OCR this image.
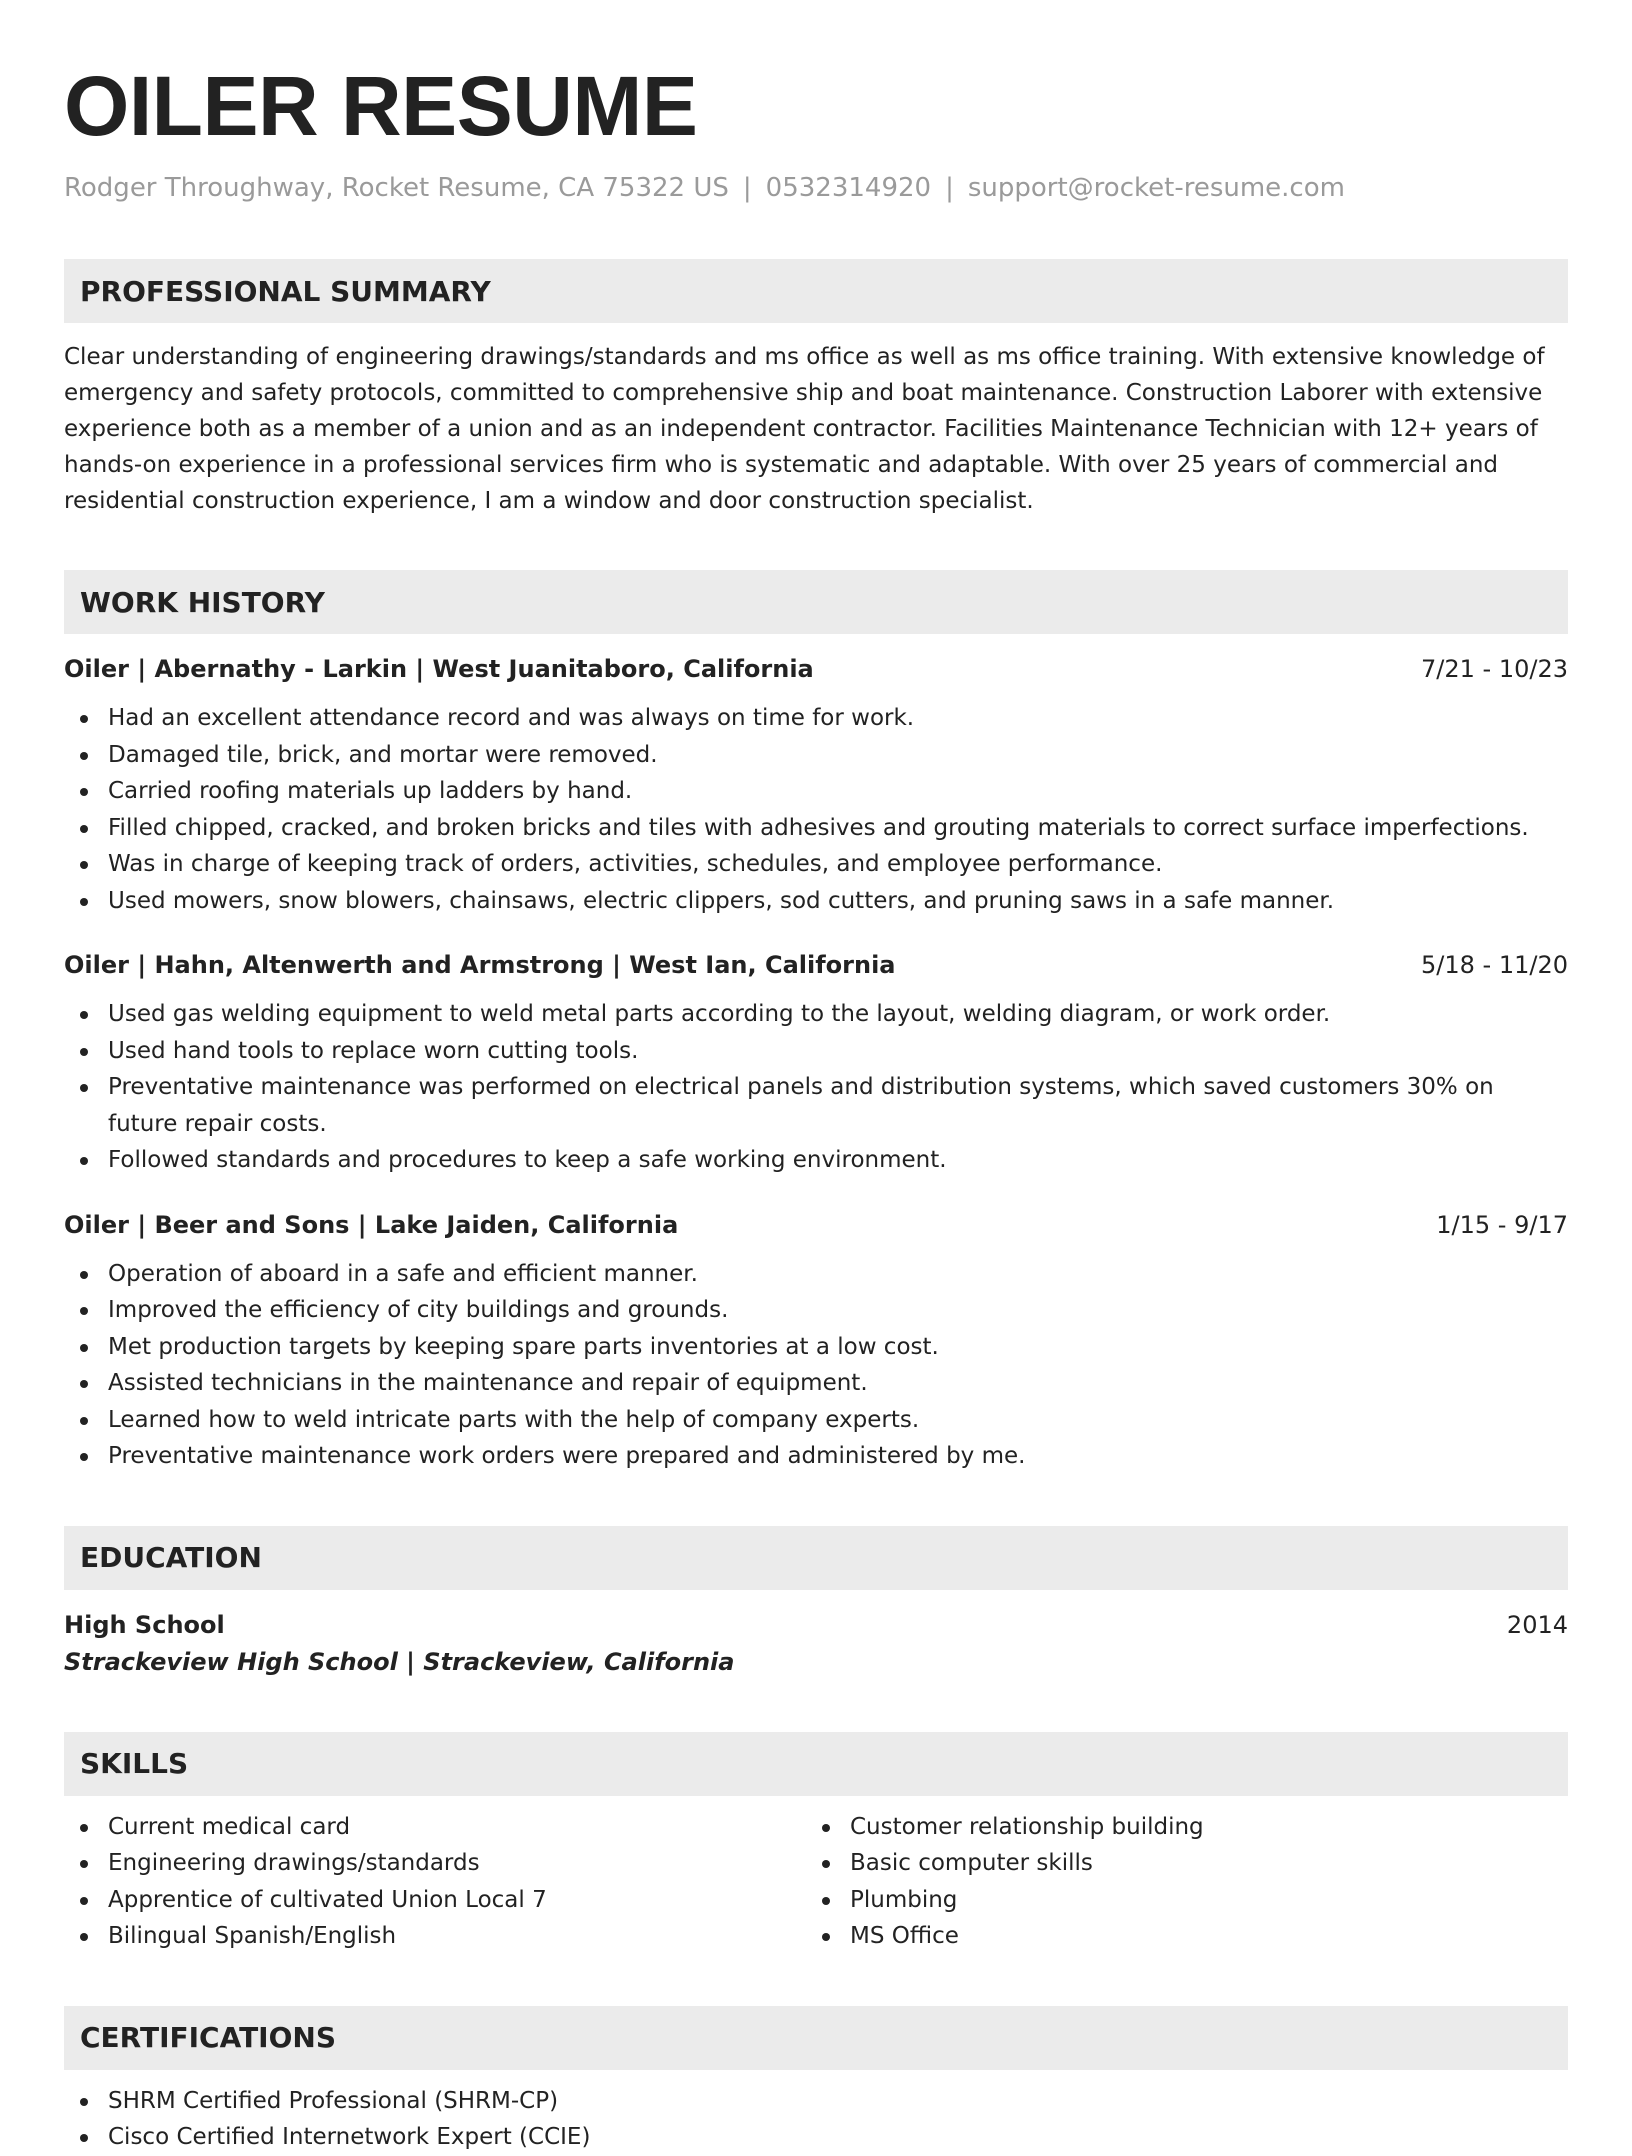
OILER RESUME
Rodger Throughway, Rocket Resume, CA 75322 US | 0532314920 | support@rocket-resume.com
PROFESSIONAL SUMMARY
Clear understanding of engineering drawings/standards and ms office as well as ms office training. With extensive knowledge of emergency and safety protocols, committed to comprehensive ship and boat maintenance. Construction Laborer with extensive experience both as a member of a union and as an independent contractor. Facilities Maintenance Technician with 12+ years of hands-on experience in a professional services firm who is systematic and adaptable. With over 25 years of commercial and residential construction experience, I am a window and door construction specialist.
WORK HISTORY
Oiler | Abernathy - Larkin | West Juanitaboro, California	7/21 - 10/23
Had an excellent attendance record and was always on time for work.
Damaged tile, brick, and mortar were removed.
Carried roofing materials up ladders by hand.
Filled chipped, cracked, and broken bricks and tiles with adhesives and grouting materials to correct surface imperfections.
Was in charge of keeping track of orders, activities, schedules, and employee performance.
Used mowers, snow blowers, chainsaws, electric clippers, sod cutters, and pruning saws in a safe manner.
Oiler | Hahn, Altenwerth and Armstrong | West Ian, California	5/18 - 11/20
Used gas welding equipment to weld metal parts according to the layout, welding diagram, or work order.
Used hand tools to replace worn cutting tools.
Preventative maintenance was performed on electrical panels and distribution systems, which saved customers 30% on future repair costs.
Followed standards and procedures to keep a safe working environment.
Oiler | Beer and Sons | Lake Jaiden, California	1/15 - 9/17
Operation of aboard in a safe and efficient manner.
Improved the efficiency of city buildings and grounds.
Met production targets by keeping spare parts inventories at a low cost.
Assisted technicians in the maintenance and repair of equipment.
Learned how to weld intricate parts with the help of company experts.
Preventative maintenance work orders were prepared and administered by me.
EDUCATION
High School	2014
Strackeview High School | Strackeview, California
SKILLS
Current medical card
Engineering drawings/standards
Apprentice of cultivated Union Local 7
Bilingual Spanish/English
Customer relationship building
Basic computer skills
Plumbing
MS Office
CERTIFICATIONS
SHRM Certified Professional (SHRM-CP)
Cisco Certified Internetwork Expert (CCIE)
